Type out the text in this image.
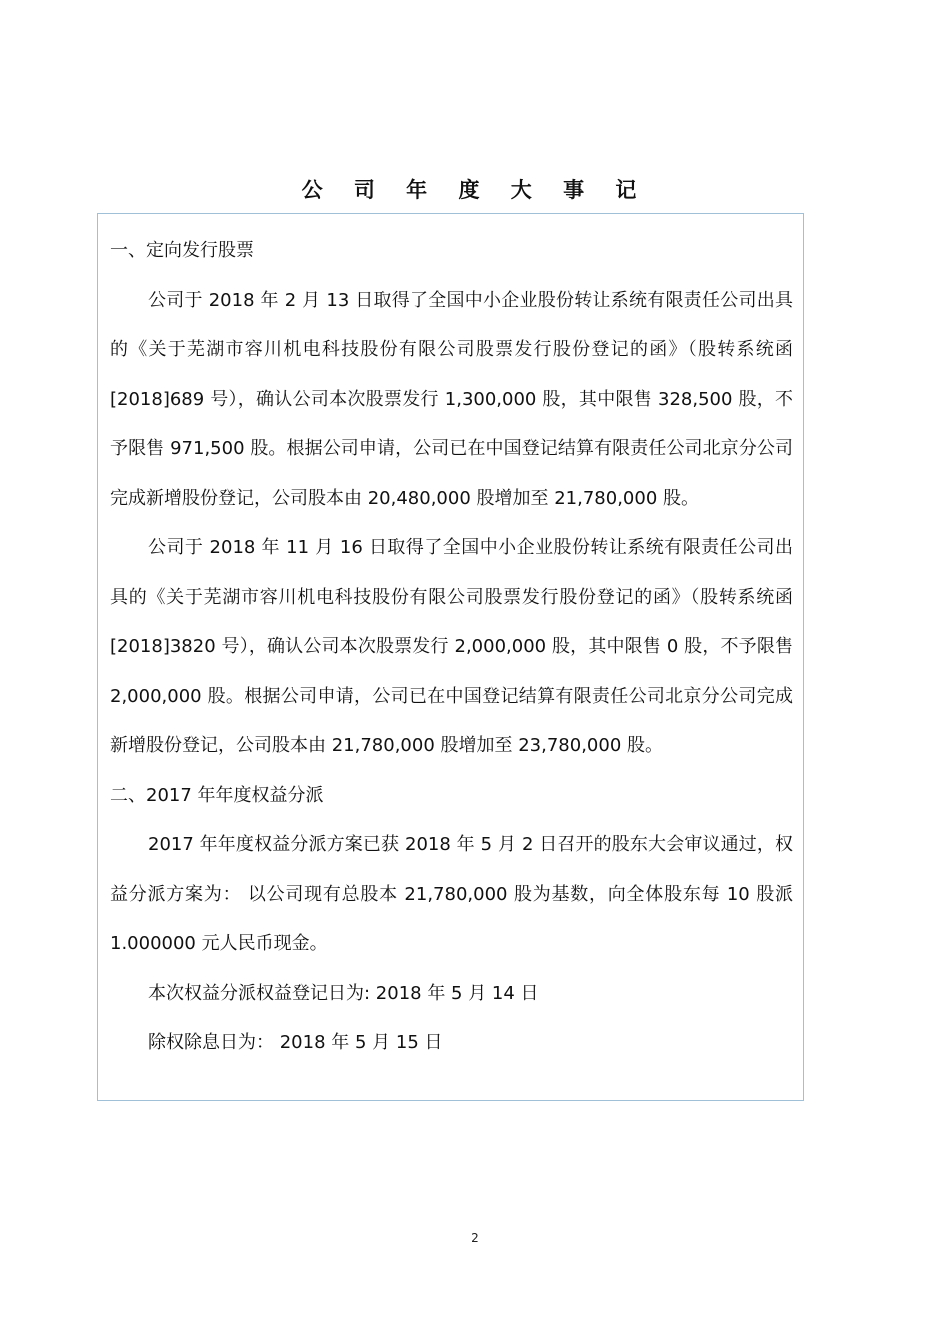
公 司 年 度 大 事 记

一、定向发行股票

公司于 2018 年 2 月 13 日取得了全国中小企业股份转让系统有限责任公司出具的《关于芜湖市容川机电科技股份有限公司股票发行股份登记的函》（股转系统函[2018]689 号），确认公司本次股票发行 1,300,000 股，其中限售 328,500 股，不予限售 971,500 股。根据公司申请，公司已在中国登记结算有限责任公司北京分公司完成新增股份登记，公司股本由 20,480,000 股增加至 21,780,000 股。

公司于 2018 年 11 月 16 日取得了全国中小企业股份转让系统有限责任公司出具的《关于芜湖市容川机电科技股份有限公司股票发行股份登记的函》（股转系统函[2018]3820 号），确认公司本次股票发行 2,000,000 股，其中限售 0 股，不予限售 2,000,000 股。根据公司申请，公司已在中国登记结算有限责任公司北京分公司完成新增股份登记，公司股本由 21,780,000 股增加至 23,780,000 股。

二、2017 年年度权益分派

2017 年年度权益分派方案已获 2018 年 5 月 2 日召开的股东大会审议通过，权益分派方案为： 以公司现有总股本 21,780,000 股为基数，向全体股东每 10 股派 1.000000 元人民币现金。

本次权益分派权益登记日为: 2018 年 5 月 14 日

除权除息日为： 2018 年 5 月 15 日

2
